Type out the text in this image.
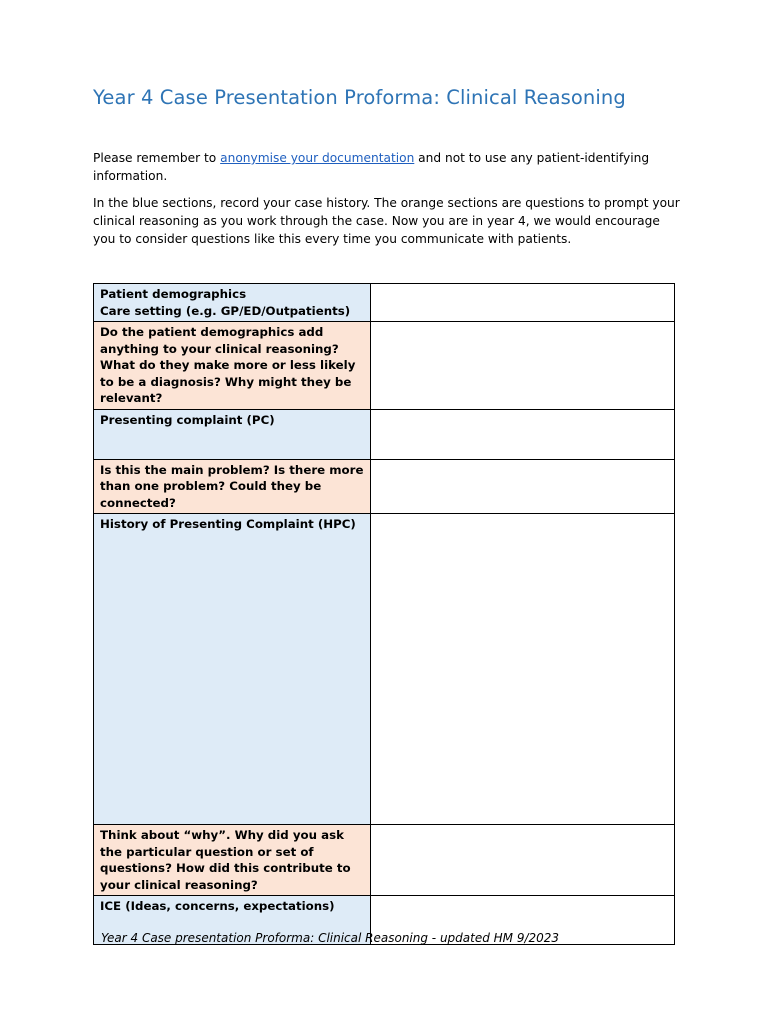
Year 4 Case Presentation Proforma: Clinical Reasoning
Please remember to anonymise your documentation and not to use any patient-identifying information.
In the blue sections, record your case history. The orange sections are questions to prompt your clinical reasoning as you work through the case. Now you are in year 4, we would encourage you to consider questions like this every time you communicate with patients.
Patient demographics
Care setting (e.g. GP/ED/Outpatients)	

Do the patient demographics add anything to your clinical reasoning? What do they make more or less likely to be a diagnosis? Why might they be relevant?	

Presenting complaint (PC)	

Is this the main problem? Is there more than one problem? Could they be connected?	

History of Presenting Complaint (HPC)	

Think about “why”. Why did you ask the particular question or set of questions? How did this contribute to your clinical reasoning?	

ICE (Ideas, concerns, expectations)	

Year 4 Case presentation Proforma: Clinical Reasoning - updated HM 9/2023
